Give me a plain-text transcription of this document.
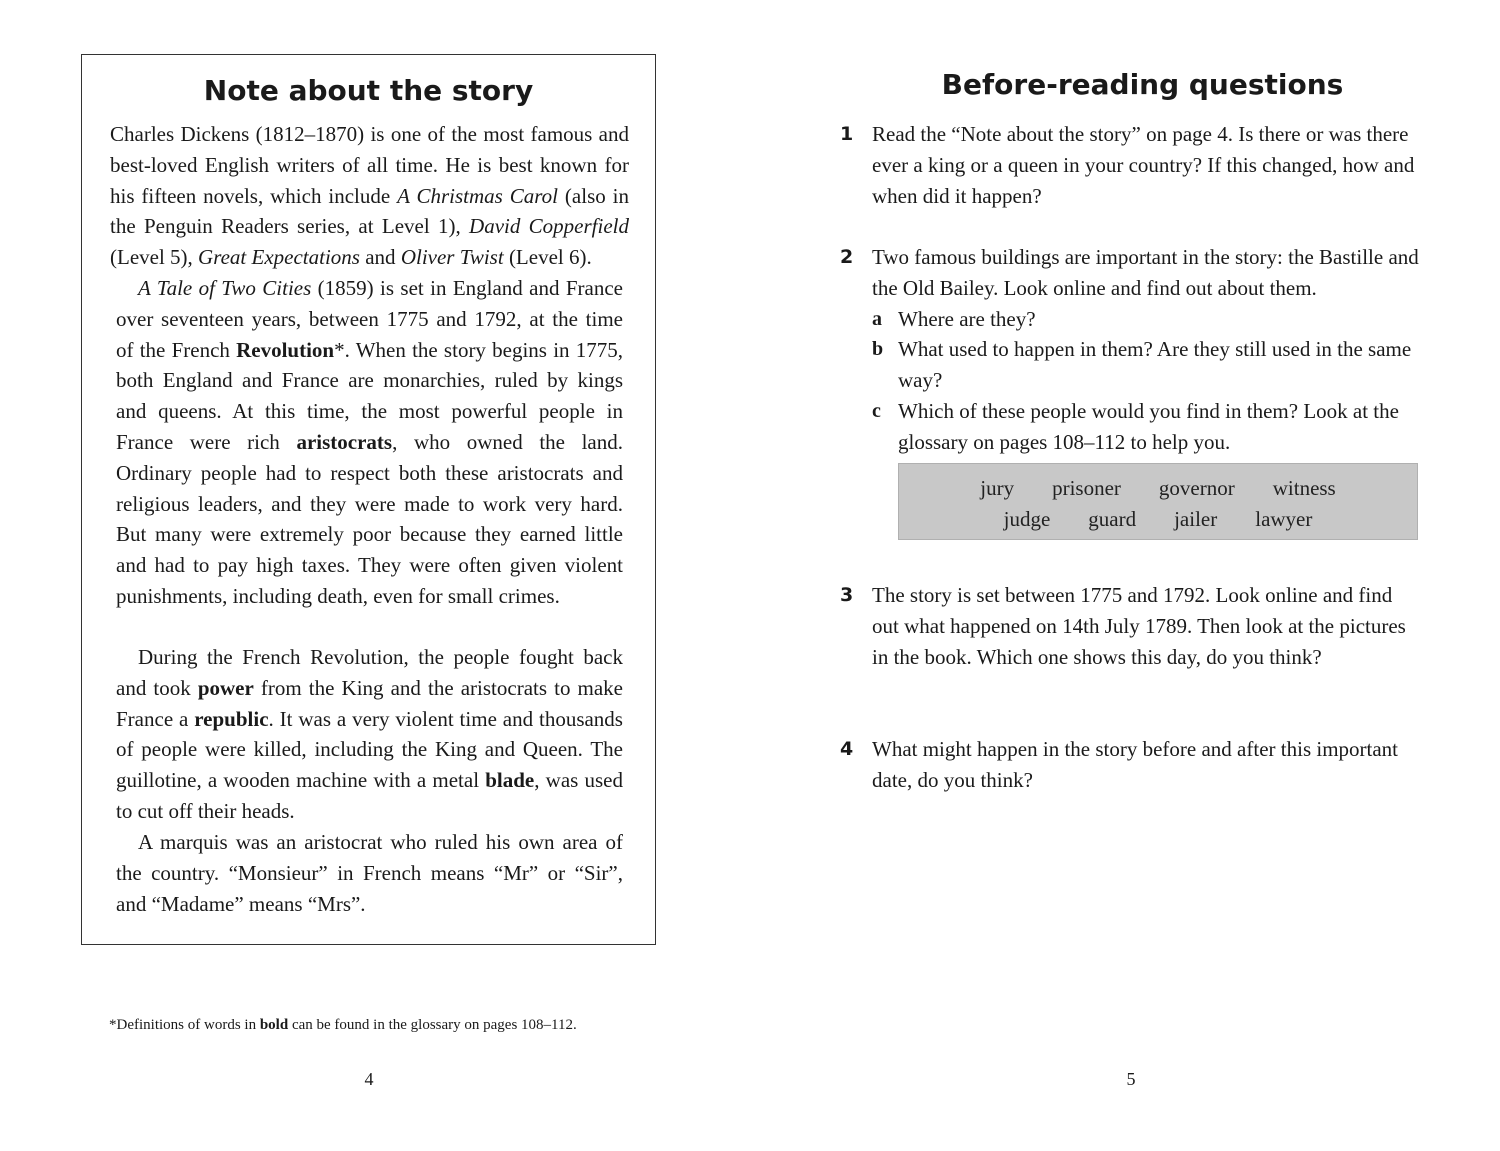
Note about the story

Charles Dickens (1812–1870) is one of the most famous and best-loved English writers of all time. He is best known for his fifteen novels, which include A Christmas Carol (also in the Penguin Readers series, at Level 1), David Copperfield (Level 5), Great Expectations and Oliver Twist (Level 6).

A Tale of Two Cities (1859) is set in England and France over seventeen years, between 1775 and 1792, at the time of the French Revolution*. When the story begins in 1775, both England and France are monarchies, ruled by kings and queens. At this time, the most powerful people in France were rich aristocrats, who owned the land. Ordinary people had to respect both these aristocrats and religious leaders, and they were made to work very hard. But many were extremely poor because they earned little and had to pay high taxes. They were often given violent punishments, including death, even for small crimes.

During the French Revolution, the people fought back and took power from the King and the aristocrats to make France a republic. It was a very violent time and thousands of people were killed, including the King and Queen. The guillotine, a wooden machine with a metal blade, was used to cut off their heads.

A marquis was an aristocrat who ruled his own area of the country. “Monsieur” in French means “Mr” or “Sir”, and “Madame” means “Mrs”.

*Definitions of words in bold can be found in the glossary on pages 108–112.

4

Before-reading questions
1 Read the “Note about the story” on page 4. Is there or was there ever a king or a queen in your country? If this changed, how and when did it happen?

2 Two famous buildings are important in the story: the Bastille and the Old Bailey. Look online and find out about them.

a Where are they?

b What used to happen in them? Are they still used in the same way?

c Which of these people would you find in them? Look at the glossary on pages 108–112 to help you.

jury prisoner governor witness
judge guard jailer lawyer
3 The story is set between 1775 and 1792. Look online and find out what happened on 14th July 1789. Then look at the pictures in the book. Which one shows this day, do you think?

4 What might happen in the story before and after this important date, do you think?

5
